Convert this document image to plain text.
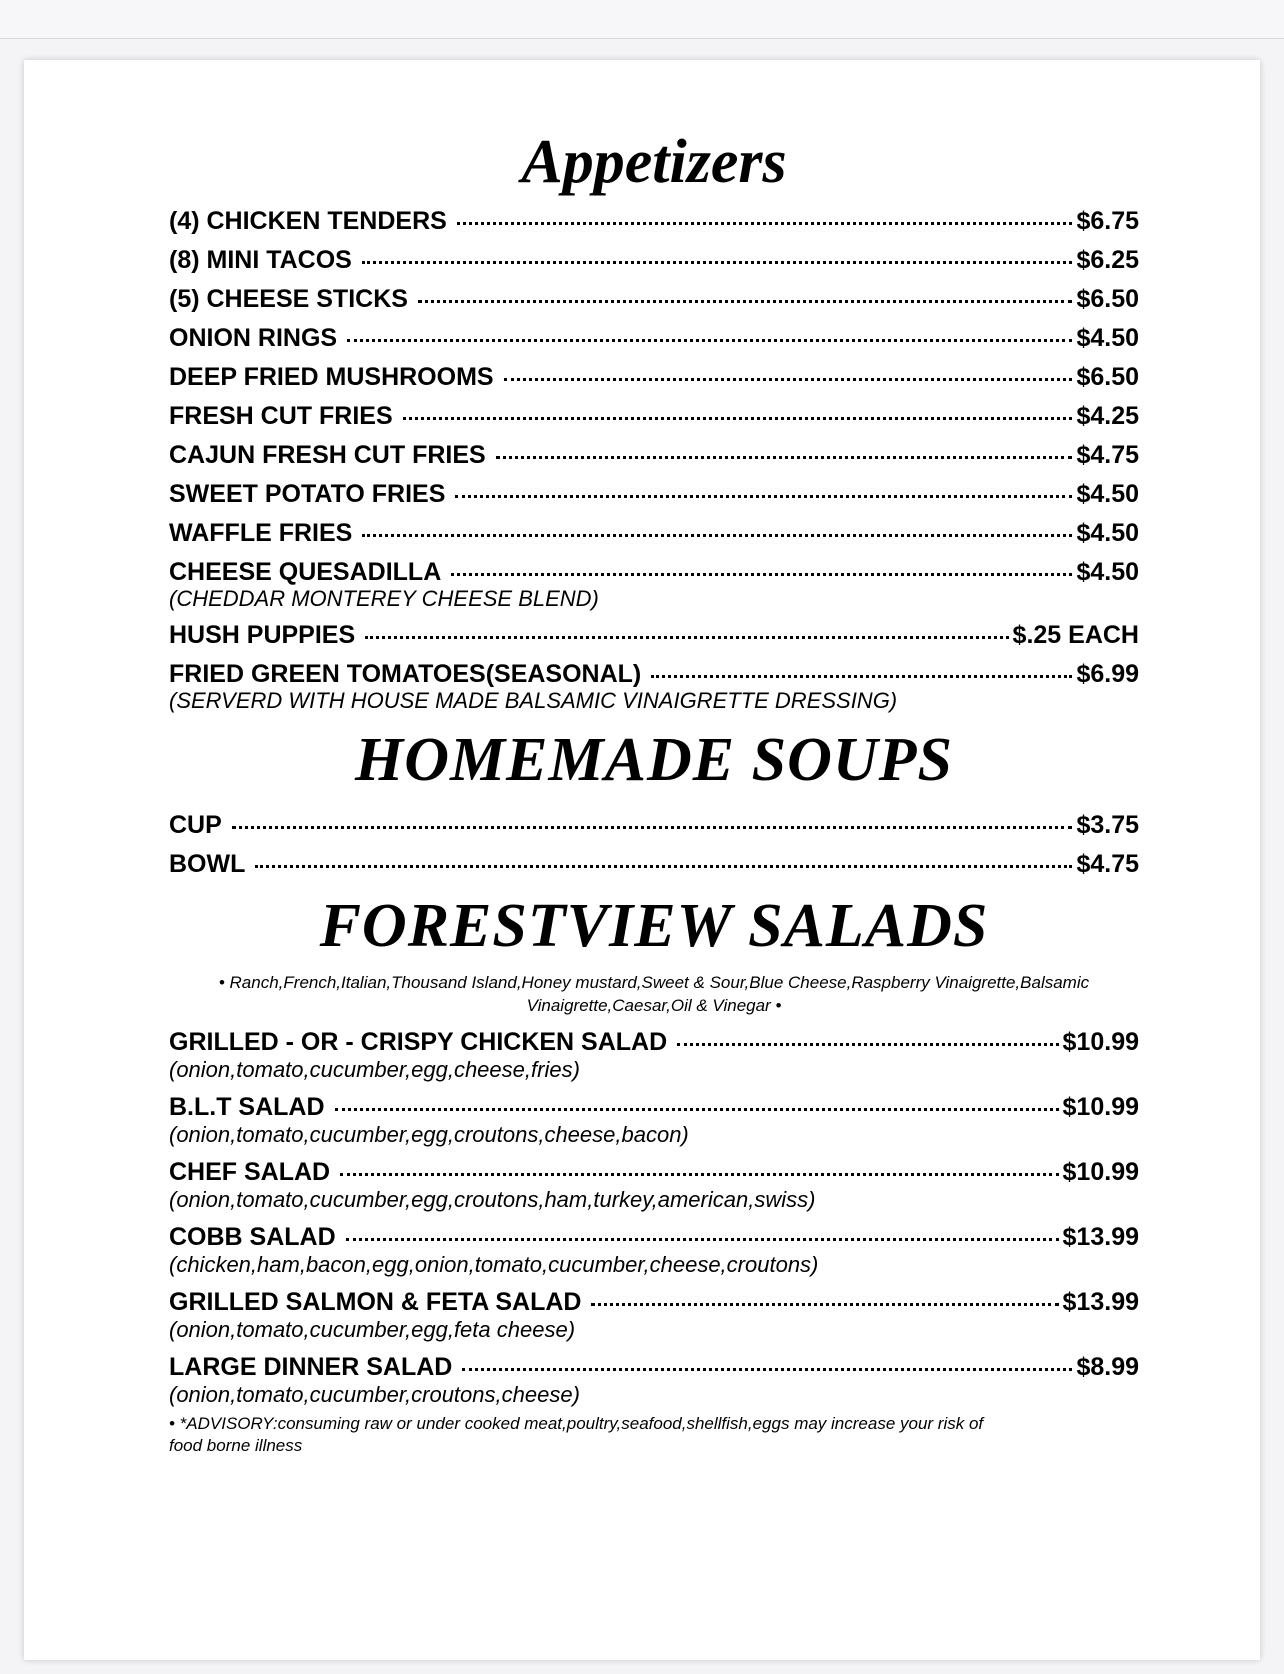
Appetizers
(4) CHICKEN TENDERS	$6.75
(8) MINI TACOS	$6.25
(5) CHEESE STICKS	$6.50
ONION RINGS	$4.50
DEEP FRIED MUSHROOMS	$6.50
FRESH CUT FRIES	$4.25
CAJUN FRESH CUT FRIES	$4.75
SWEET POTATO FRIES	$4.50
WAFFLE FRIES	$4.50
CHEESE QUESADILLA	$4.50
(CHEDDAR MONTEREY CHEESE BLEND)
HUSH PUPPIES	$.25 EACH
FRIED GREEN TOMATOES(SEASONAL)	$6.99
(SERVERD WITH HOUSE MADE BALSAMIC VINAIGRETTE DRESSING)
HOMEMADE SOUPS
CUP	$3.75
BOWL	$4.75
FORESTVIEW SALADS
• Ranch,French,Italian,Thousand Island,Honey mustard,Sweet & Sour,Blue Cheese,Raspberry Vinaigrette,Balsamic Vinaigrette,Caesar,Oil & Vinegar •
GRILLED - OR - CRISPY CHICKEN SALAD	$10.99
(onion,tomato,cucumber,egg,cheese,fries)
B.L.T SALAD	$10.99
(onion,tomato,cucumber,egg,croutons,cheese,bacon)
CHEF SALAD	$10.99
(onion,tomato,cucumber,egg,croutons,ham,turkey,american,swiss)
COBB SALAD	$13.99
(chicken,ham,bacon,egg,onion,tomato,cucumber,cheese,croutons)
GRILLED SALMON & FETA SALAD	$13.99
(onion,tomato,cucumber,egg,feta cheese)
LARGE DINNER SALAD	$8.99
(onion,tomato,cucumber,croutons,cheese)
• *ADVISORY:consuming raw or under cooked meat,poultry,seafood,shellfish,eggs may increase your risk of food borne illness
